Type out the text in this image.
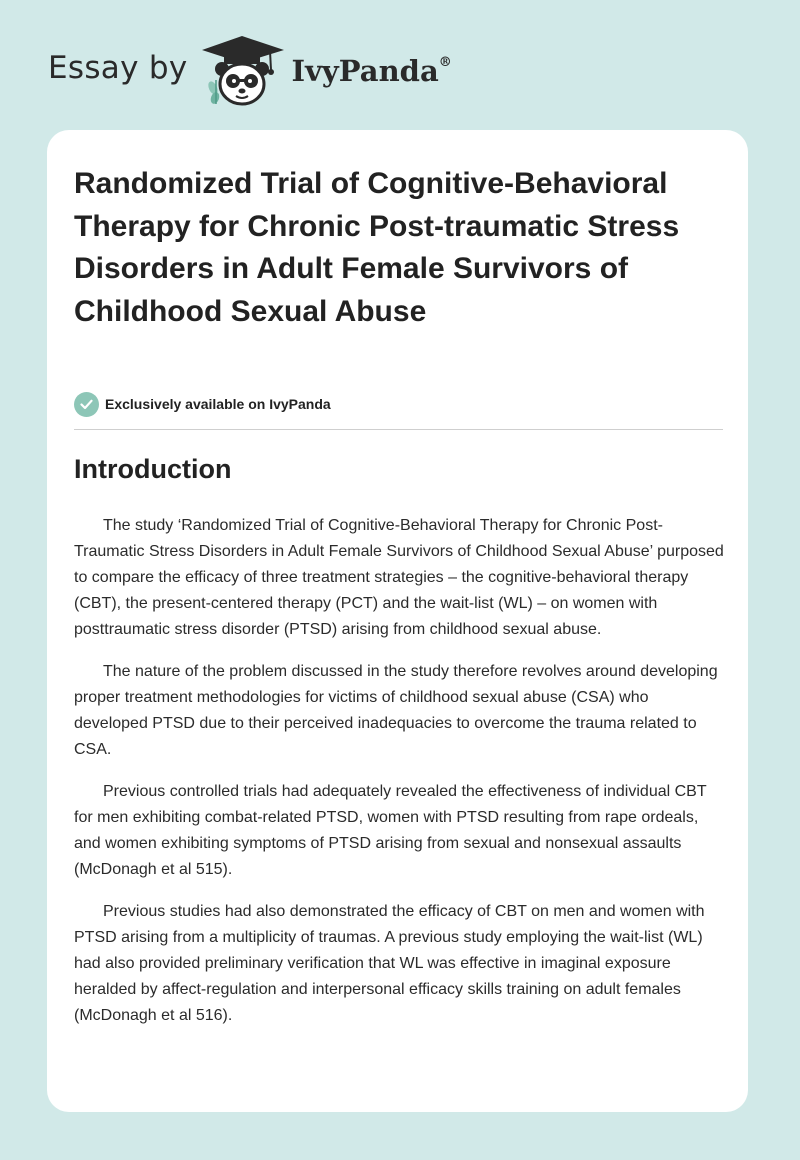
Essay by	IvyPanda®
Randomized Trial of Cognitive-Behavioral Therapy for Chronic Post-traumatic Stress Disorders in Adult Female Survivors of Childhood Sexual Abuse
Exclusively available on IvyPanda
Introduction

The study ‘Randomized Trial of Cognitive-Behavioral Therapy for Chronic Post-Traumatic Stress Disorders in Adult Female Survivors of Childhood Sexual Abuse’ purposed to compare the efficacy of three treatment strategies – the cognitive-behavioral therapy (CBT), the present-centered therapy (PCT) and the wait-list (WL) – on women with posttraumatic stress disorder (PTSD) arising from childhood sexual abuse.

The nature of the problem discussed in the study therefore revolves around developing proper treatment methodologies for victims of childhood sexual abuse (CSA) who developed PTSD due to their perceived inadequacies to overcome the trauma related to CSA.

Previous controlled trials had adequately revealed the effectiveness of individual CBT for men exhibiting combat-related PTSD, women with PTSD resulting from rape ordeals, and women exhibiting symptoms of PTSD arising from sexual and nonsexual assaults (McDonagh et al 515).

Previous studies had also demonstrated the efficacy of CBT on men and women with PTSD arising from a multiplicity of traumas. A previous study employing the wait-list (WL) had also provided preliminary verification that WL was effective in imaginal exposure heralded by affect-regulation and interpersonal efficacy skills training on adult females (McDonagh et al 516).
